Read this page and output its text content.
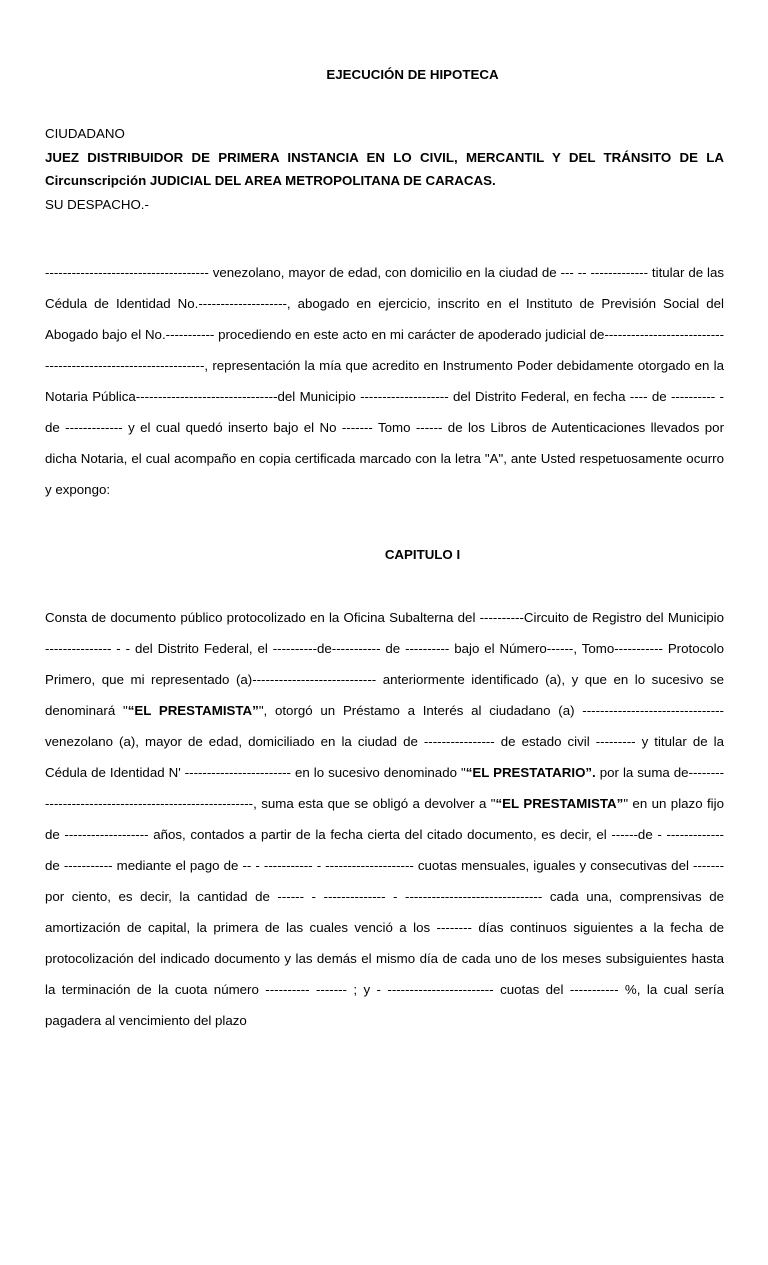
EJECUCIÓN DE HIPOTECA

CIUDADANO

JUEZ DISTRIBUIDOR DE PRIMERA INSTANCIA EN LO CIVIL, MERCANTIL Y DEL TRÁNSITO DE LA Circunscripción JUDICIAL DEL AREA METROPOLITANA DE CARACAS.

SU DESPACHO.-

------------------------------------- venezolano, mayor de edad, con domicilio en la ciudad de --- -- ------------- titular de las Cédula de Identidad No.--------------------, abogado en ejercicio, inscrito en el Instituto de Previsión Social del Abogado bajo el No.----------- procediendo en este acto en mi carácter de apoderado judicial de---------------------------------------------------------------, representación la mía que acredito en Instrumento Poder debidamente otorgado en la Notaria Pública--------------------------------del Municipio -------------------- del Distrito Federal, en fecha ---- de ---------- -de ------------- y el cual quedó inserto bajo el No ------- Tomo ------ de los Libros de Autenticaciones llevados por dicha Notaria, el cual acompaño en copia certificada marcado con la letra "A", ante Usted respetuosamente ocurro y expongo:

CAPITULO I

Consta de documento público protocolizado en la Oficina Subalterna del ----------Circuito de Registro del Municipio --------------- - - del Distrito Federal, el ----------de----------- de ---------- bajo el Número------, Tomo----------- Protocolo Primero, que mi representado (a)---------------------------- anteriormente identificado (a), y que en lo sucesivo se denominará "“EL PRESTAMISTA”", otorgó un Préstamo a Interés al ciudadano (a) -------------------------------- venezolano (a), mayor de edad, domiciliado en la ciudad de ---------------- de estado civil --------- y titular de la Cédula de Identidad N' ------------------------ en lo sucesivo denominado "“EL PRESTATARIO”. por la suma de-------------------------------------------------------, suma esta que se obligó a devolver a "“EL PRESTAMISTA”" en un plazo fijo de ------------------- años, contados a partir de la fecha cierta del citado documento, es decir, el ------de - ------------- de ----------- mediante el pago de -- - ----------- - -------------------- cuotas mensuales, iguales y consecutivas del ------- por ciento, es decir, la cantidad de ------ - -------------- - ------------------------------- cada una, comprensivas de amortización de capital, la primera de las cuales venció a los -------- días continuos siguientes a la fecha de protocolización del indicado documento y las demás el mismo día de cada uno de los meses subsiguientes hasta la terminación de la cuota número ---------- ------- ; y - ------------------------ cuotas del ----------- %, la cual sería pagadera al vencimiento del plazo
